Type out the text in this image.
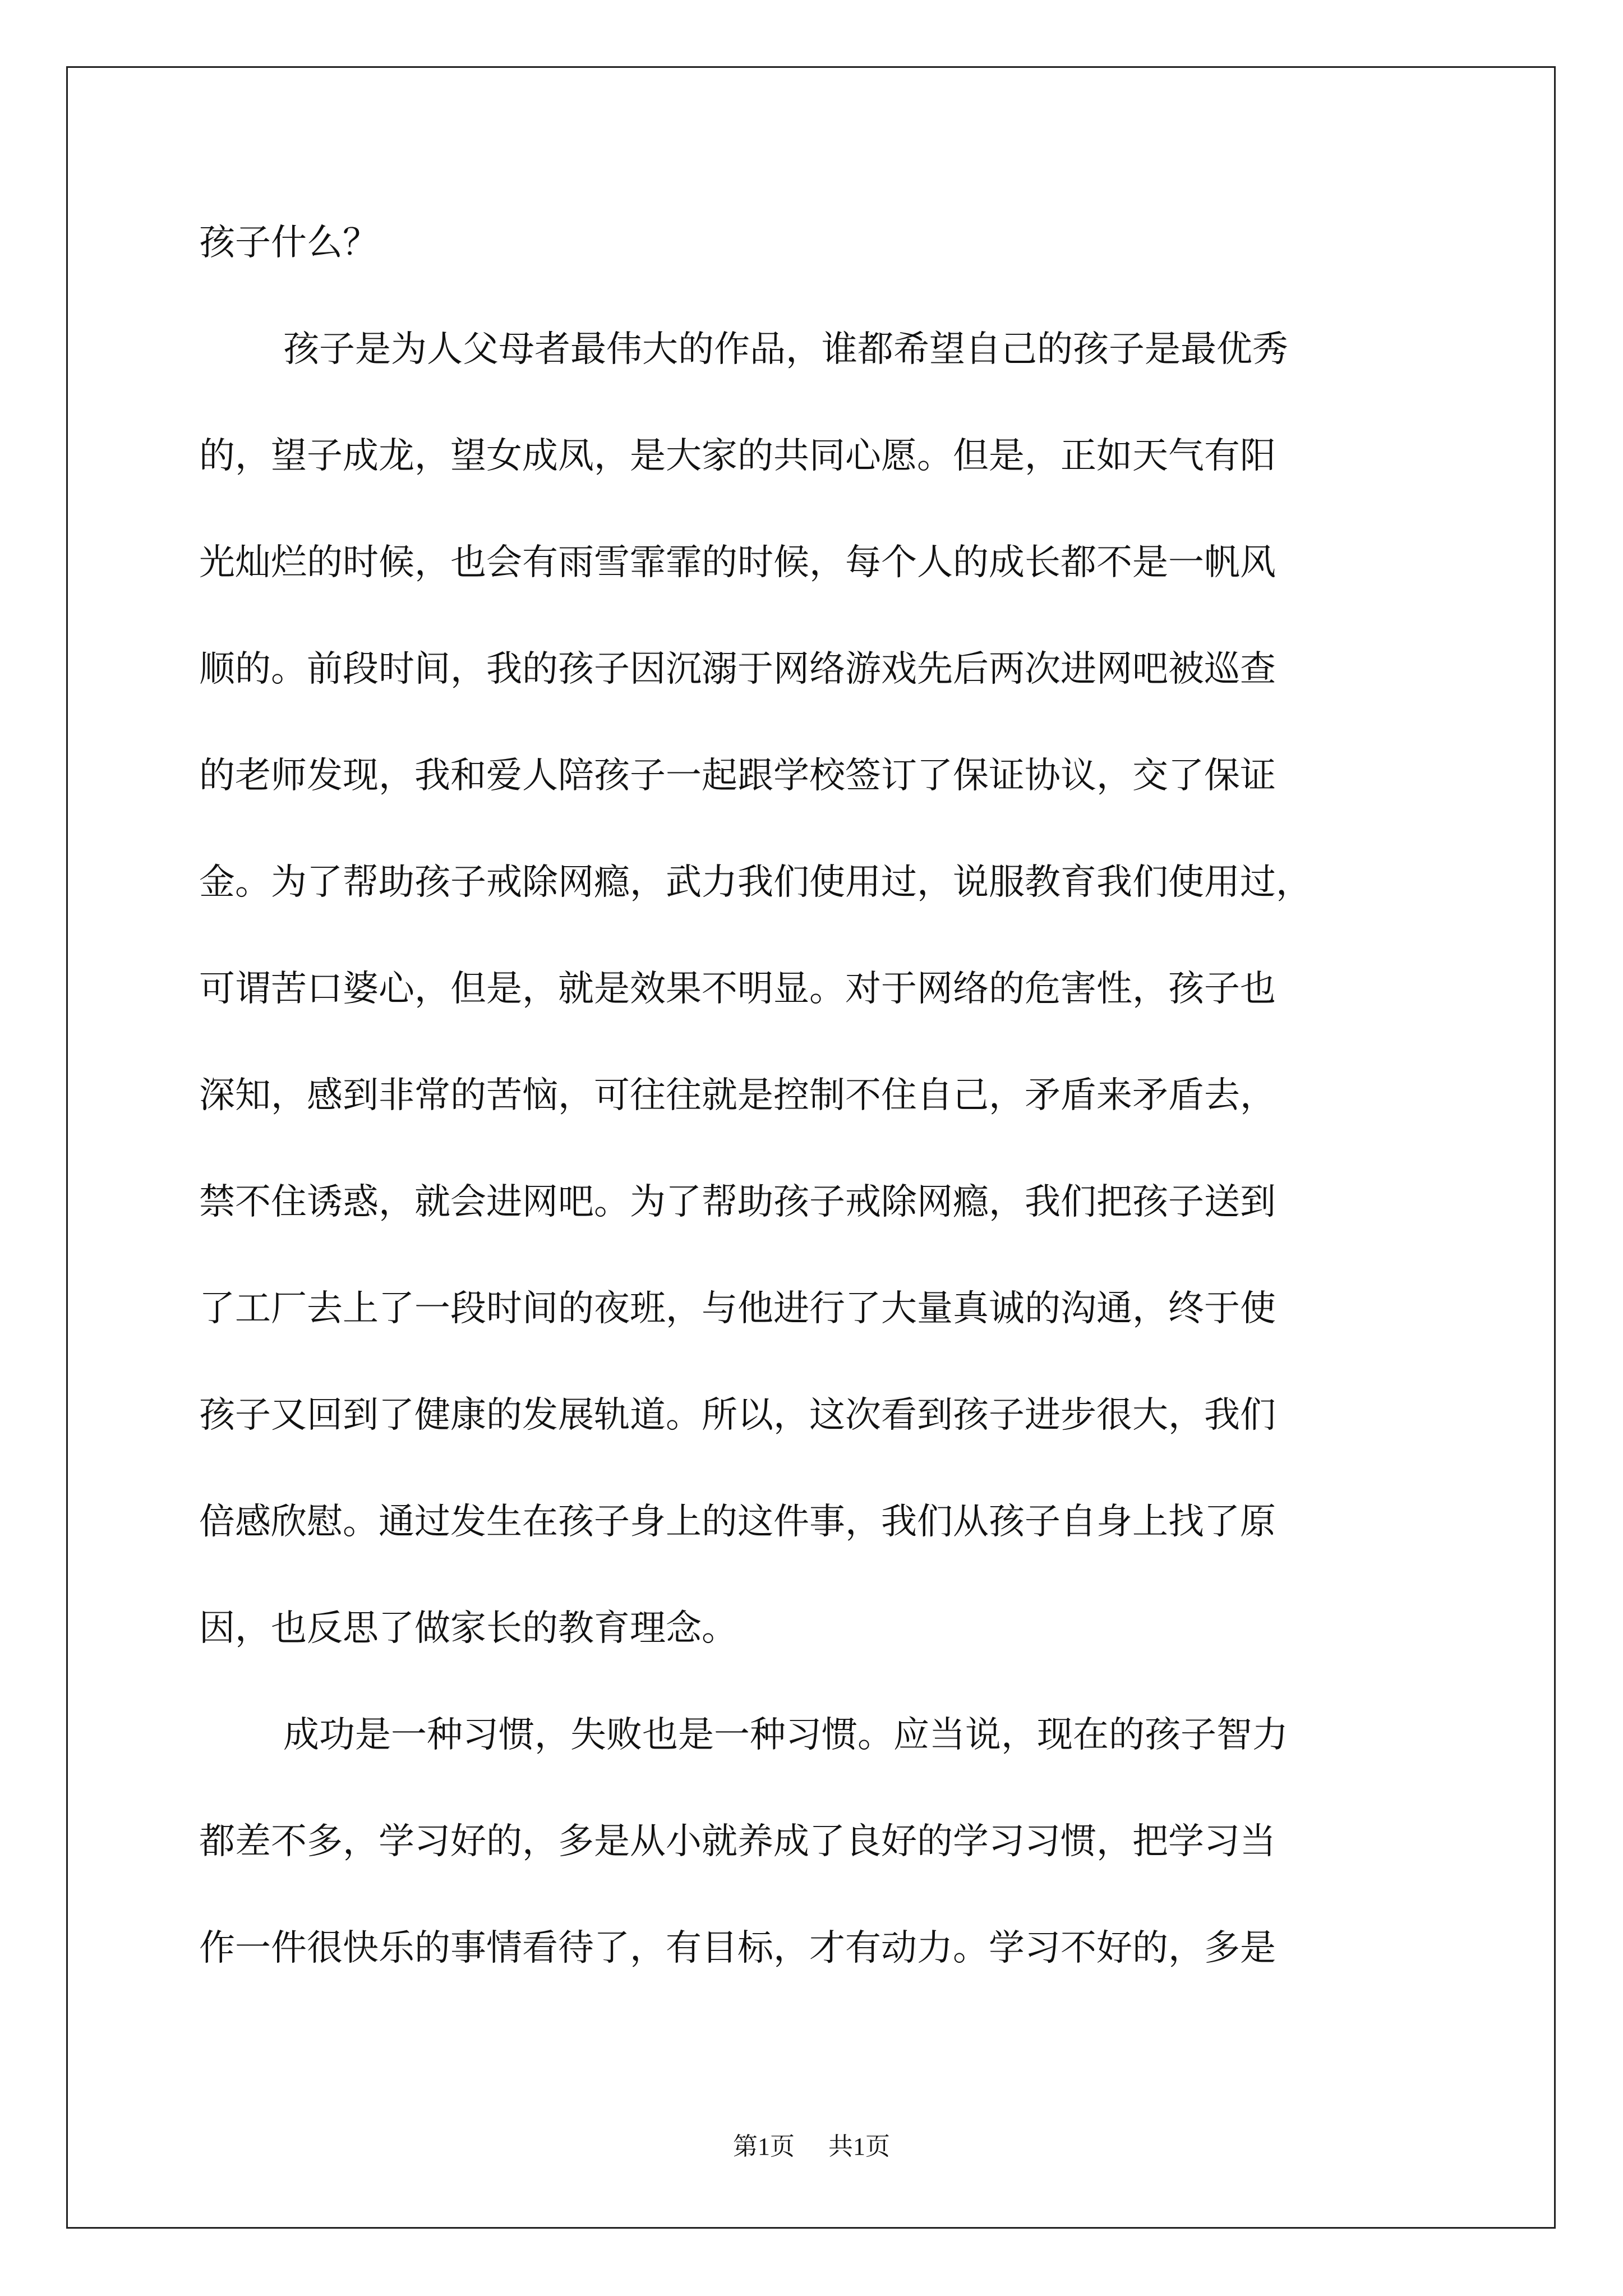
孩子什么？
孩子是为人父母者最伟大的作品，谁都希望自己的孩子是最优秀
的，望子成龙，望女成凤，是大家的共同心愿。但是，正如天气有阳
光灿烂的时候，也会有雨雪霏霏的时候，每个人的成长都不是一帆风
顺的。前段时间，我的孩子因沉溺于网络游戏先后两次进网吧被巡查
的老师发现，我和爱人陪孩子一起跟学校签订了保证协议，交了保证
金。为了帮助孩子戒除网瘾，武力我们使用过，说服教育我们使用过，
可谓苦口婆心，但是，就是效果不明显。对于网络的危害性，孩子也
深知，感到非常的苦恼，可往往就是控制不住自己，矛盾来矛盾去，
禁不住诱惑，就会进网吧。为了帮助孩子戒除网瘾，我们把孩子送到
了工厂去上了一段时间的夜班，与他进行了大量真诚的沟通，终于使
孩子又回到了健康的发展轨道。所以，这次看到孩子进步很大，我们
倍感欣慰。通过发生在孩子身上的这件事，我们从孩子自身上找了原
因，也反思了做家长的教育理念。
成功是一种习惯，失败也是一种习惯。应当说，现在的孩子智力
都差不多，学习好的，多是从小就养成了良好的学习习惯，把学习当
作一件很快乐的事情看待了，有目标，才有动力。学习不好的，多是
第1页 共1页
